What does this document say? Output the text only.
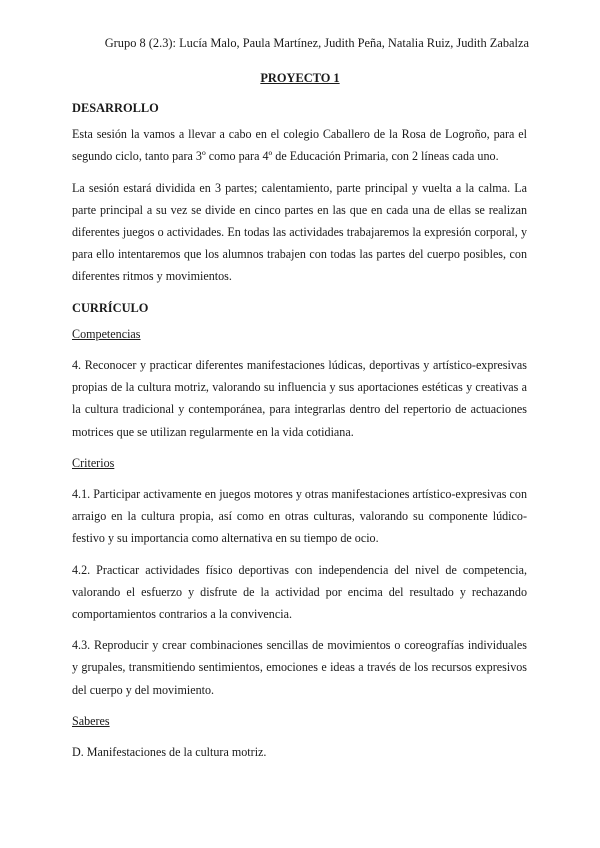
Grupo 8 (2.3): Lucía Malo, Paula Martínez, Judith Peña, Natalia Ruiz, Judith Zabalza
PROYECTO 1

DESARROLLO

Esta sesión la vamos a llevar a cabo en el colegio Caballero de la Rosa de Logroño, para el segundo ciclo, tanto para 3º como para 4º de Educación Primaria, con 2 líneas cada uno.

La sesión estará dividida en 3 partes; calentamiento, parte principal y vuelta a la calma. La parte principal a su vez se divide en cinco partes en las que en cada una de ellas se realizan diferentes juegos o actividades. En todas las actividades trabajaremos la expresión corporal, y para ello intentaremos que los alumnos trabajen con todas las partes del cuerpo posibles, con diferentes ritmos y movimientos.

CURRÍCULO

Competencias

4. Reconocer y practicar diferentes manifestaciones lúdicas, deportivas y artístico-expresivas propias de la cultura motriz, valorando su influencia y sus aportaciones estéticas y creativas a la cultura tradicional y contemporánea, para integrarlas dentro del repertorio de actuaciones motrices que se utilizan regularmente en la vida cotidiana.

Criterios

4.1. Participar activamente en juegos motores y otras manifestaciones artístico-expresivas con arraigo en la cultura propia, así como en otras culturas, valorando su componente lúdico-festivo y su importancia como alternativa en su tiempo de ocio.

4.2. Practicar actividades físico deportivas con independencia del nivel de competencia, valorando el esfuerzo y disfrute de la actividad por encima del resultado y rechazando comportamientos contrarios a la convivencia.

4.3. Reproducir y crear combinaciones sencillas de movimientos o coreografías individuales y grupales, transmitiendo sentimientos, emociones e ideas a través de los recursos expresivos del cuerpo y del movimiento.

Saberes

D. Manifestaciones de la cultura motriz.
